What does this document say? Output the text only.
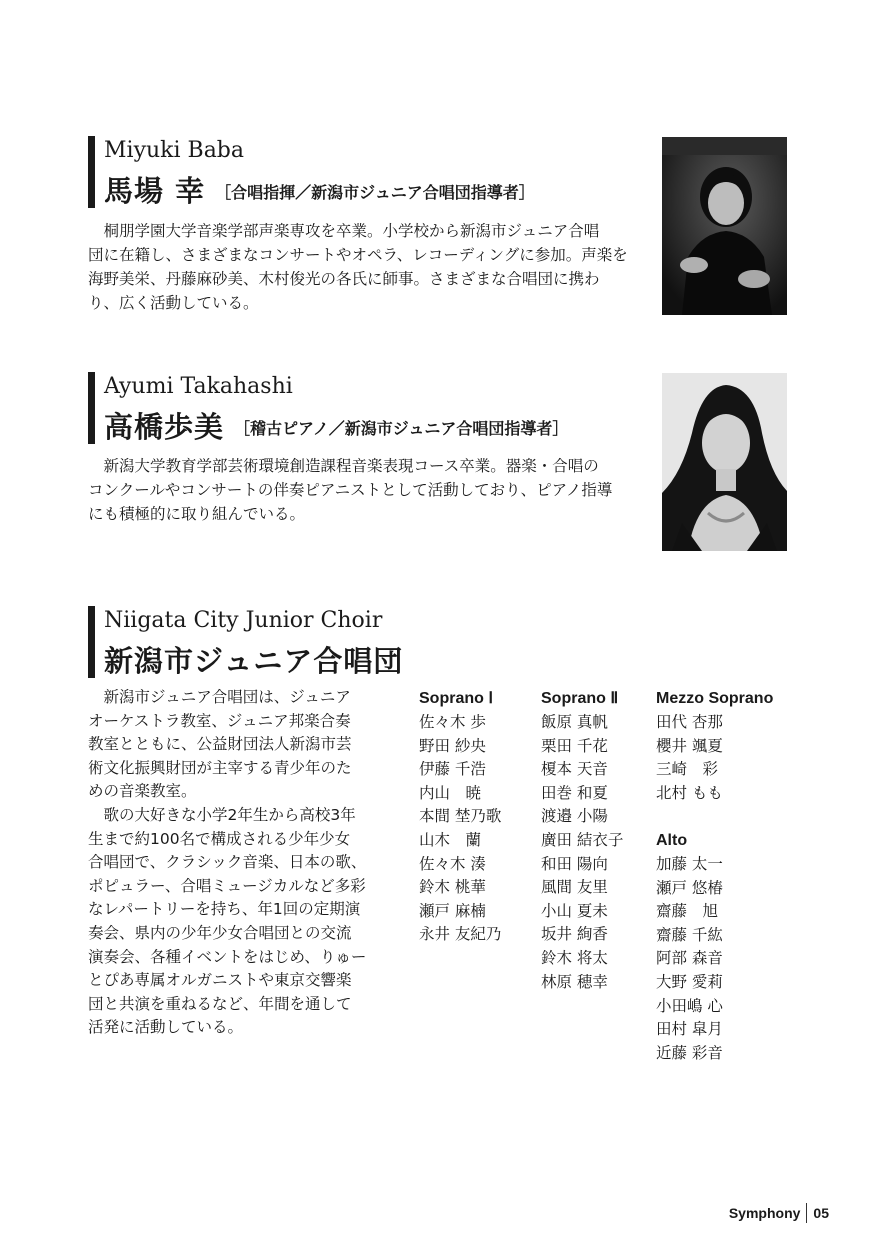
Miyuki Baba
馬場 幸 ［合唱指揮／新潟市ジュニア合唱団指導者］

　桐朋学園大学音楽学部声楽専攻を卒業。小学校から新潟市ジュニア合唱
団に在籍し、さまざまなコンサートやオペラ、レコーディングに参加。声楽を
海野美栄、丹藤麻砂美、木村俊光の各氏に師事。さまざまな合唱団に携わ
り、広く活動している。

Ayumi Takahashi
高橋歩美 ［稽古ピアノ／新潟市ジュニア合唱団指導者］

　新潟大学教育学部芸術環境創造課程音楽表現コース卒業。器楽・合唱の
コンクールやコンサートの伴奏ピアニストとして活動しており、ピアノ指導
にも積極的に取り組んでいる。

Niigata City Junior Choir
新潟市ジュニア合唱団

　新潟市ジュニア合唱団は、ジュニア
オーケストラ教室、ジュニア邦楽合奏
教室とともに、公益財団法人新潟市芸
術文化振興財団が主宰する青少年のた
めの音楽教室。
　歌の大好きな小学2年生から高校3年
生まで約100名で構成される少年少女
合唱団で、クラシック音楽、日本の歌、
ポピュラー、合唱ミュージカルなど多彩
なレパートリーを持ち、年1回の定期演
奏会、県内の少年少女合唱団との交流
演奏会、各種イベントをはじめ、りゅー
とぴあ専属オルガニストや東京交響楽
団と共演を重ねるなど、年間を通して
活発に活動している。

Soprano Ⅰ
佐々木 歩
野田 紗央
伊藤 千浩
内山　暁
本間 埜乃歌
山木　蘭
佐々木 湊
鈴木 桃華
瀬戸 麻楠
永井 友紀乃
Soprano Ⅱ
飯原 真帆
栗田 千花
榎本 天音
田巻 和夏
渡邉 小陽
廣田 結衣子
和田 陽向
風間 友里
小山 夏未
坂井 絢香
鈴木 将太
林原 穂幸
Mezzo Soprano
田代 杏那
櫻井 颯夏
三崎　彩
北村 もも
Alto
加藤 太一
瀬戸 悠椿
齋藤　旭
齋藤 千紘
阿部 森音
大野 愛莉
小田嶋 心
田村 皐月
近藤 彩音
Symphony 05
